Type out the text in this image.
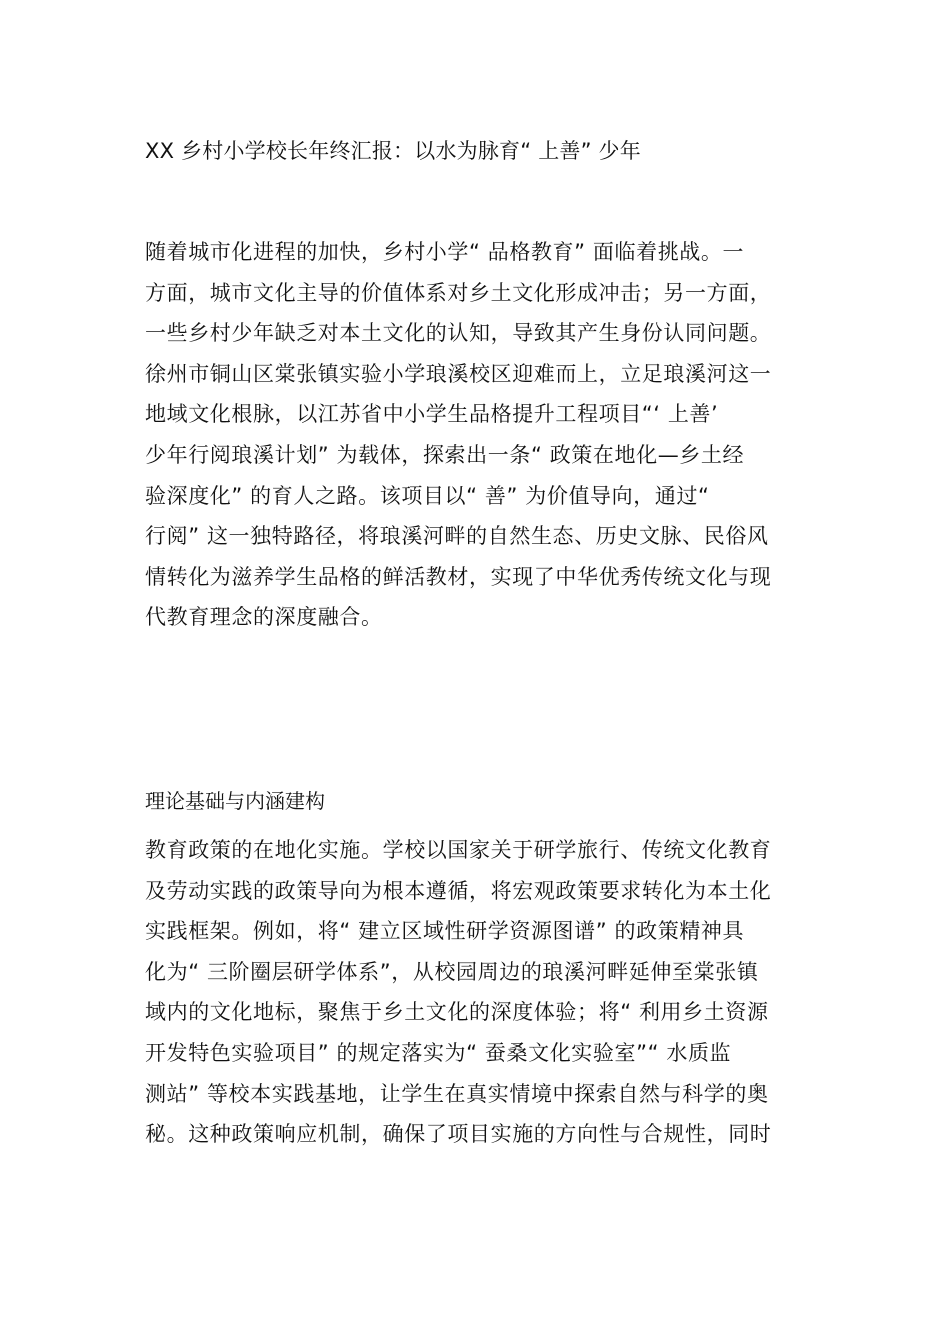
XX 乡村小学校长年终汇报：以水为脉育“ 上善” 少年
随着城市化进程的加快，乡村小学“ 品格教育” 面临着挑战。一
方面，城市文化主导的价值体系对乡土文化形成冲击；另一方面，
一些乡村少年缺乏对本土文化的认知，导致其产生身份认同问题。
徐州市铜山区棠张镇实验小学琅溪校区迎难而上，立足琅溪河这一
地域文化根脉，以江苏省中小学生品格提升工程项目“‘ 上善’
少年行阅琅溪计划” 为载体，探索出一条“ 政策在地化—乡土经
验深度化” 的育人之路。该项目以“ 善” 为价值导向，通过“
行阅” 这一独特路径，将琅溪河畔的自然生态、历史文脉、民俗风
情转化为滋养学生品格的鲜活教材，实现了中华优秀传统文化与现
代教育理念的深度融合。
理论基础与内涵建构
教育政策的在地化实施。学校以国家关于研学旅行、传统文化教育
及劳动实践的政策导向为根本遵循，将宏观政策要求转化为本土化
实践框架。例如，将“ 建立区域性研学资源图谱” 的政策精神具
化为“ 三阶圈层研学体系”，从校园周边的琅溪河畔延伸至棠张镇
域内的文化地标，聚焦于乡土文化的深度体验；将“ 利用乡土资源
开发特色实验项目” 的规定落实为“ 蚕桑文化实验室”“ 水质监
测站” 等校本实践基地，让学生在真实情境中探索自然与科学的奥
秘。这种政策响应机制，确保了项目实施的方向性与合规性，同时
